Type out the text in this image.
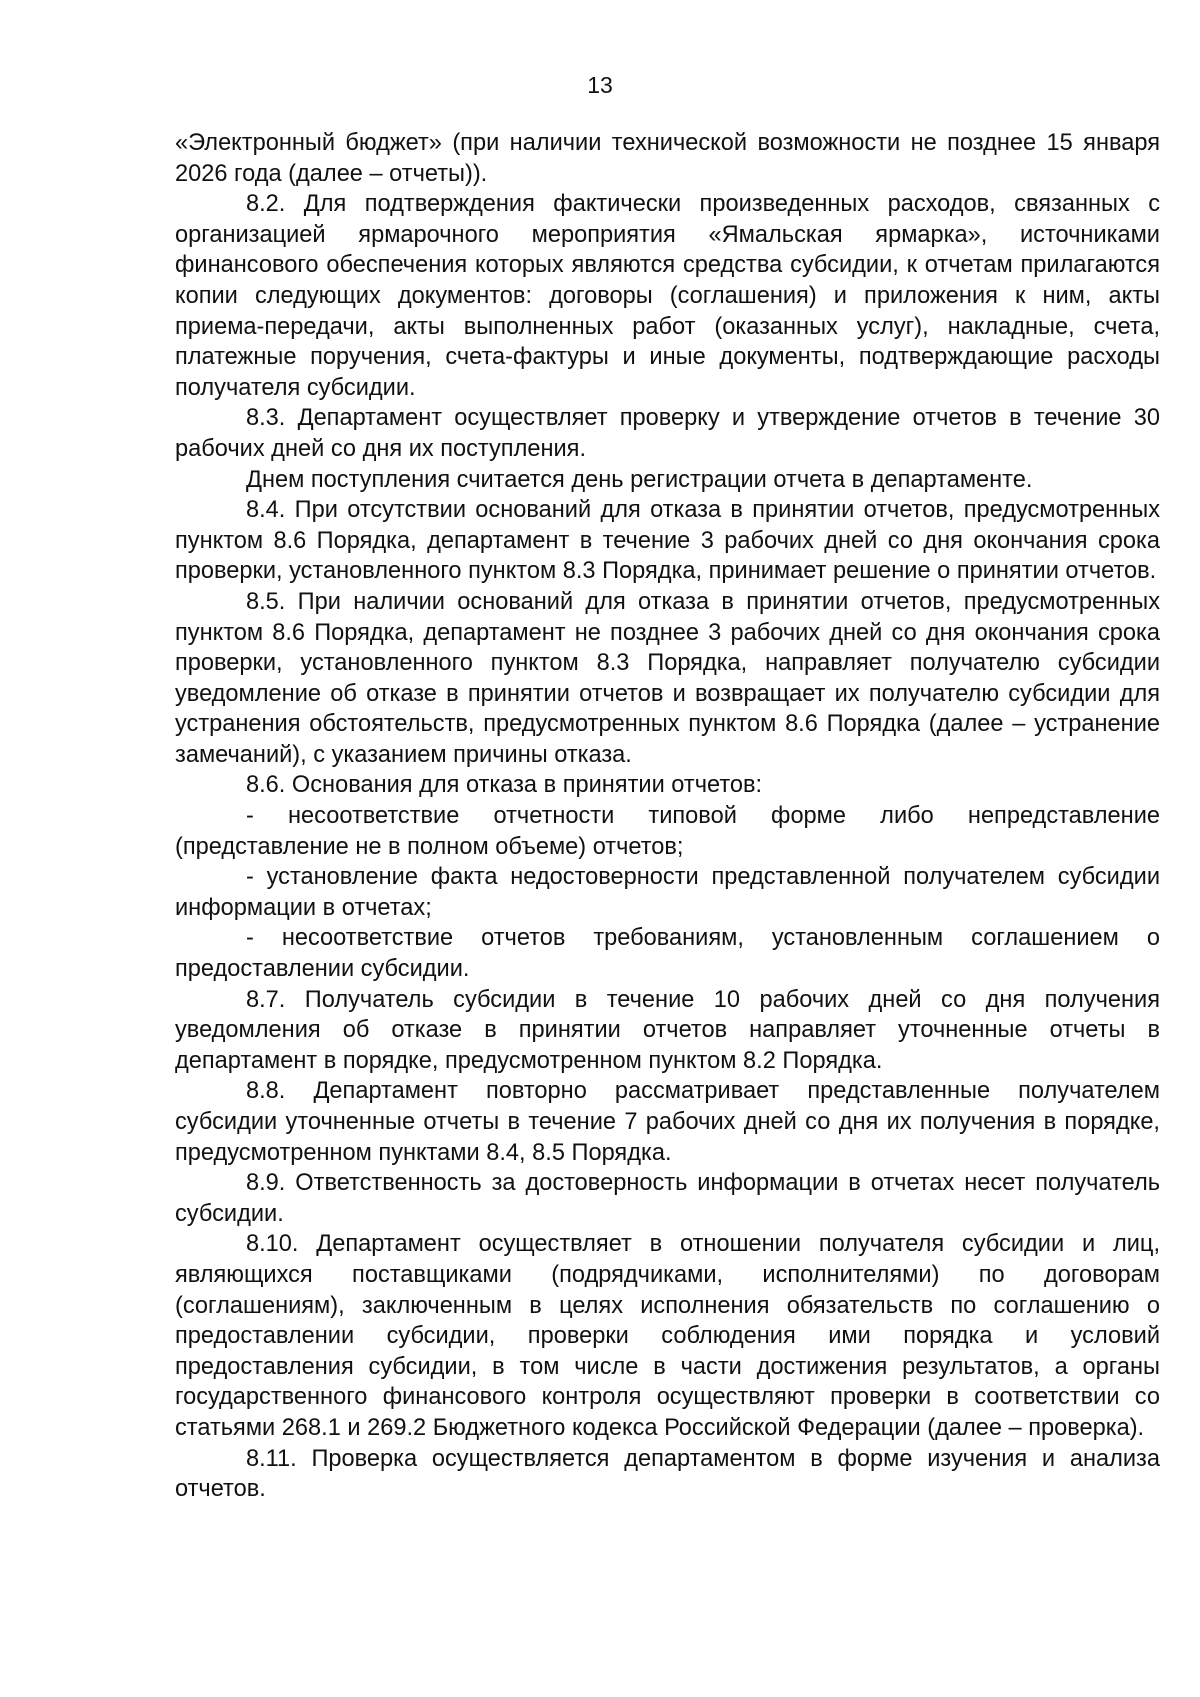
13

«Электронный бюджет» (при наличии технической возможности не позднее 15 января 2026 года (далее – отчеты)).

8.2. Для подтверждения фактически произведенных расходов, связанных с организацией ярмарочного мероприятия «Ямальская ярмарка», источниками финансового обеспечения которых являются средства субсидии, к отчетам прилагаются копии следующих документов: договоры (соглашения) и приложения к ним, акты приема-передачи, акты выполненных работ (оказанных услуг), накладные, счета, платежные поручения, счета-фактуры и иные документы, подтверждающие расходы получателя субсидии.

8.3. Департамент осуществляет проверку и утверждение отчетов в течение 30 рабочих дней со дня их поступления.

Днем поступления считается день регистрации отчета в департаменте.

8.4. При отсутствии оснований для отказа в принятии отчетов, предусмотренных пунктом 8.6 Порядка, департамент в течение 3 рабочих дней со дня окончания срока проверки, установленного пунктом 8.3 Порядка, принимает решение о принятии отчетов.

8.5. При наличии оснований для отказа в принятии отчетов, предусмотренных пунктом 8.6 Порядка, департамент не позднее 3 рабочих дней со дня окончания срока проверки, установленного пунктом 8.3 Порядка, направляет получателю субсидии уведомление об отказе в принятии отчетов и возвращает их получателю субсидии для устранения обстоятельств, предусмотренных пунктом 8.6 Порядка (далее – устранение замечаний), с указанием причины отказа.

8.6. Основания для отказа в принятии отчетов:

- несоответствие отчетности типовой форме либо непредставление (представление не в полном объеме) отчетов;

- установление факта недостоверности представленной получателем субсидии информации в отчетах;

- несоответствие отчетов требованиям, установленным соглашением о предоставлении субсидии.

8.7. Получатель субсидии в течение 10 рабочих дней со дня получения уведомления об отказе в принятии отчетов направляет уточненные отчеты в департамент в порядке, предусмотренном пунктом 8.2 Порядка.

8.8. Департамент повторно рассматривает представленные получателем субсидии уточненные отчеты в течение 7 рабочих дней со дня их получения в порядке, предусмотренном пунктами 8.4, 8.5 Порядка.

8.9. Ответственность за достоверность информации в отчетах несет получатель субсидии.

8.10. Департамент осуществляет в отношении получателя субсидии и лиц, являющихся поставщиками (подрядчиками, исполнителями) по договорам (соглашениям), заключенным в целях исполнения обязательств по соглашению о предоставлении субсидии, проверки соблюдения ими порядка и условий предоставления субсидии, в том числе в части достижения результатов, а органы государственного финансового контроля осуществляют проверки в соответствии со статьями 268.1 и 269.2 Бюджетного кодекса Российской Федерации (далее – проверка).

8.11. Проверка осуществляется департаментом в форме изучения и анализа отчетов.
